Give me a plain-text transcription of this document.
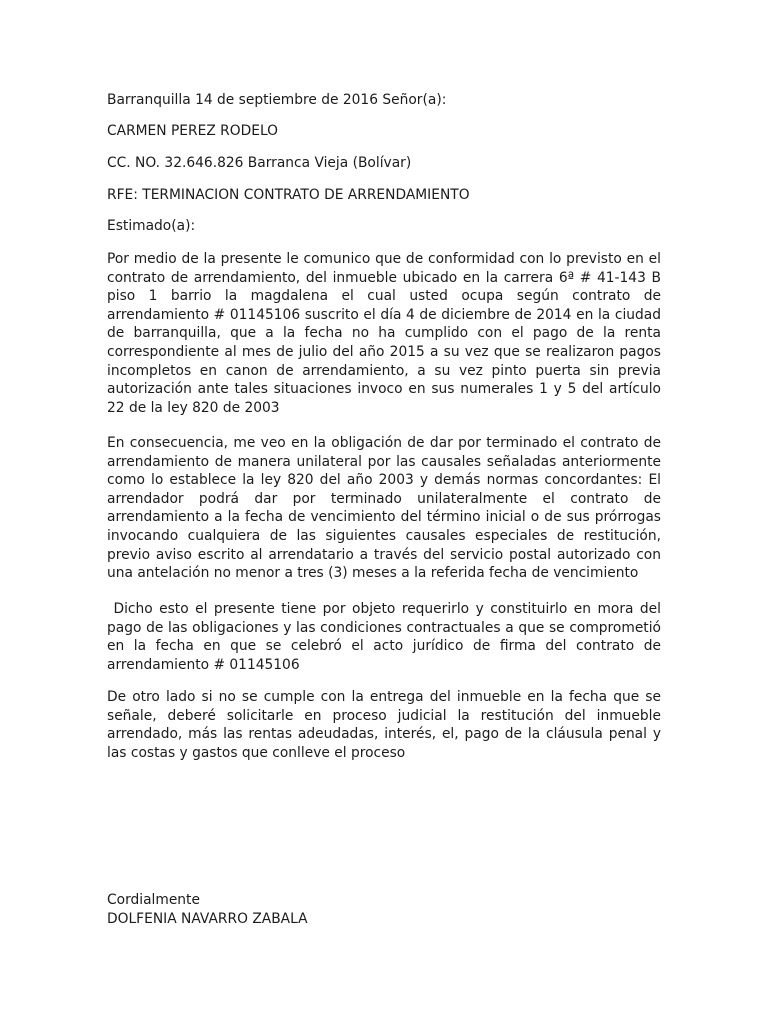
Barranquilla 14 de septiembre de 2016 Señor(a):
CARMEN PEREZ RODELO
CC. NO. 32.646.826 Barranca Vieja (Bolívar)
RFE: TERMINACION CONTRATO DE ARRENDAMIENTO
Estimado(a):
Por medio de la presente le comunico que de conformidad con lo previsto en el
contrato de arrendamiento, del inmueble ubicado en la carrera 6ª # 41-143 B
piso 1 barrio la magdalena el cual usted ocupa según contrato de
arrendamiento # 01145106 suscrito el día 4 de diciembre de 2014 en la ciudad
de barranquilla, que a la fecha no ha cumplido con el pago de la renta
correspondiente al mes de julio del año 2015 a su vez que se realizaron pagos
incompletos en canon de arrendamiento, a su vez pinto puerta sin previa
autorización ante tales situaciones invoco en sus numerales 1 y 5 del artículo
22 de la ley 820 de 2003
En consecuencia, me veo en la obligación de dar por terminado el contrato de
arrendamiento de manera unilateral por las causales señaladas anteriormente
como lo establece la ley 820 del año 2003 y demás normas concordantes: El
arrendador podrá dar por terminado unilateralmente el contrato de
arrendamiento a la fecha de vencimiento del término inicial o de sus prórrogas
invocando cualquiera de las siguientes causales especiales de restitución,
previo aviso escrito al arrendatario a través del servicio postal autorizado con
una antelación no menor a tres (3) meses a la referida fecha de vencimiento
Dicho esto el presente tiene por objeto requerirlo y constituirlo en mora del
pago de las obligaciones y las condiciones contractuales a que se comprometió
en la fecha en que se celebró el acto jurídico de firma del contrato de
arrendamiento # 01145106
De otro lado si no se cumple con la entrega del inmueble en la fecha que se
señale, deberé solicitarle en proceso judicial la restitución del inmueble
arrendado, más las rentas adeudadas, interés, el, pago de la cláusula penal y
las costas y gastos que conlleve el proceso
Cordialmente
DOLFENIA NAVARRO ZABALA
